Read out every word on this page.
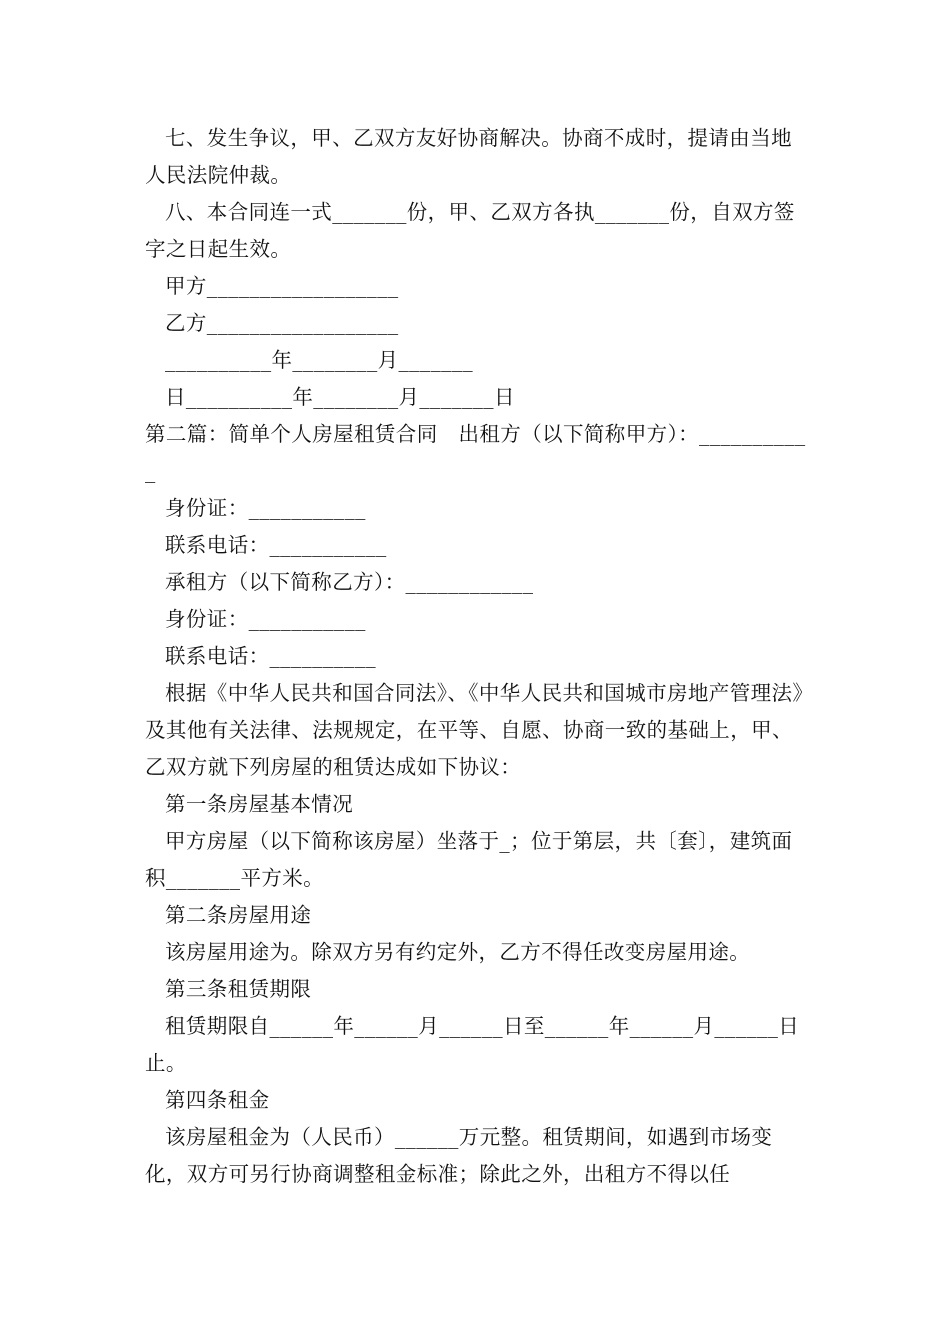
七、发生争议，甲、乙双方友好协商解决。协商不成时，提请由当地人民法院仲裁。

八、本合同连一式_______份，甲、乙双方各执_______份，自双方签字之日起生效。

甲方__________________

乙方__________________

__________年________月_______

日__________年________月_______日

第二篇：简单个人房屋租赁合同　出租方（以下简称甲方）：___________

身份证：___________

联系电话：___________

承租方（以下简称乙方）：____________

身份证：___________

联系电话：__________

根据《中华人民共和国合同法》、《中华人民共和国城市房地产管理法》及其他有关法律、法规规定，在平等、自愿、协商一致的基础上，甲、乙双方就下列房屋的租赁达成如下协议：

第一条房屋基本情况

甲方房屋（以下简称该房屋）坐落于_；位于第层，共〔套〕，建筑面积_______平方米。

第二条房屋用途

该房屋用途为。除双方另有约定外，乙方不得任改变房屋用途。

第三条租赁期限

租赁期限自______年______月______日至______年______月______日止。

第四条租金

该房屋租金为（人民币）______万元整。租赁期间，如遇到市场变化，双方可另行协商调整租金标准；除此之外，出租方不得以任
